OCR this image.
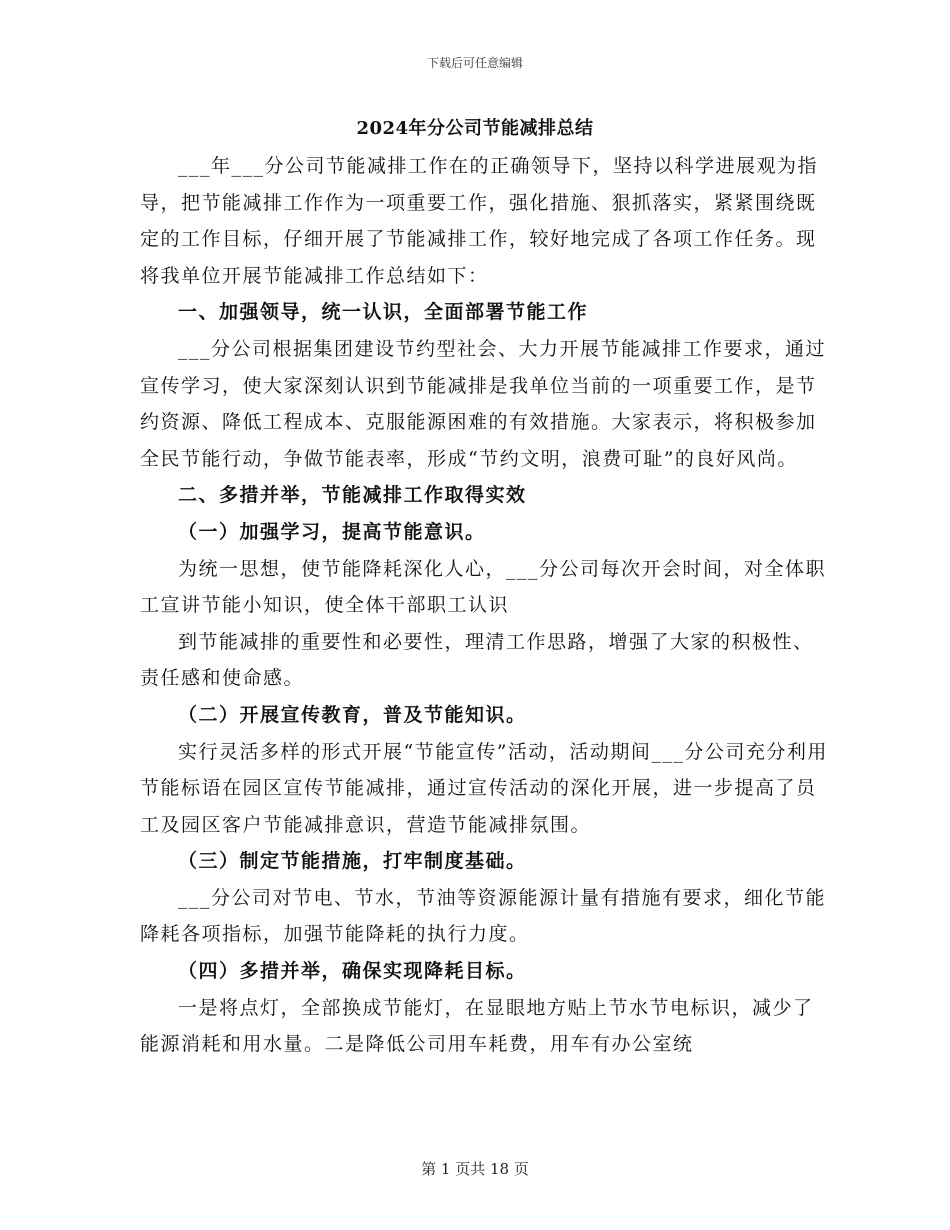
下载后可任意编辑
2024年分公司节能减排总结

___年___分公司节能减排工作在的正确领导下，坚持以科学进展观为指导，把节能减排工作作为一项重要工作，强化措施、狠抓落实，紧紧围绕既定的工作目标，仔细开展了节能减排工作，较好地完成了各项工作任务。现将我单位开展节能减排工作总结如下：

一、加强领导，统一认识，全面部署节能工作

___分公司根据集团建设节约型社会、大力开展节能减排工作要求，通过宣传学习，使大家深刻认识到节能减排是我单位当前的一项重要工作，是节约资源、降低工程成本、克服能源困难的有效措施。大家表示，将积极参加全民节能行动，争做节能表率，形成“节约文明，浪费可耻”的良好风尚。

二、多措并举，节能减排工作取得实效

（一）加强学习，提高节能意识。

为统一思想，使节能降耗深化人心，___分公司每次开会时间，对全体职工宣讲节能小知识，使全体干部职工认识

到节能减排的重要性和必要性，理清工作思路，增强了大家的积极性、责任感和使命感。

（二）开展宣传教育，普及节能知识。

实行灵活多样的形式开展“节能宣传”活动，活动期间___分公司充分利用节能标语在园区宣传节能减排，通过宣传活动的深化开展，进一步提高了员工及园区客户节能减排意识，营造节能减排氛围。

（三）制定节能措施，打牢制度基础。

___分公司对节电、节水，节油等资源能源计量有措施有要求，细化节能降耗各项指标，加强节能降耗的执行力度。

（四）多措并举，确保实现降耗目标。

一是将点灯，全部换成节能灯，在显眼地方贴上节水节电标识，减少了能源消耗和用水量。二是降低公司用车耗费，用车有办公室统

第 1 页共 18 页
